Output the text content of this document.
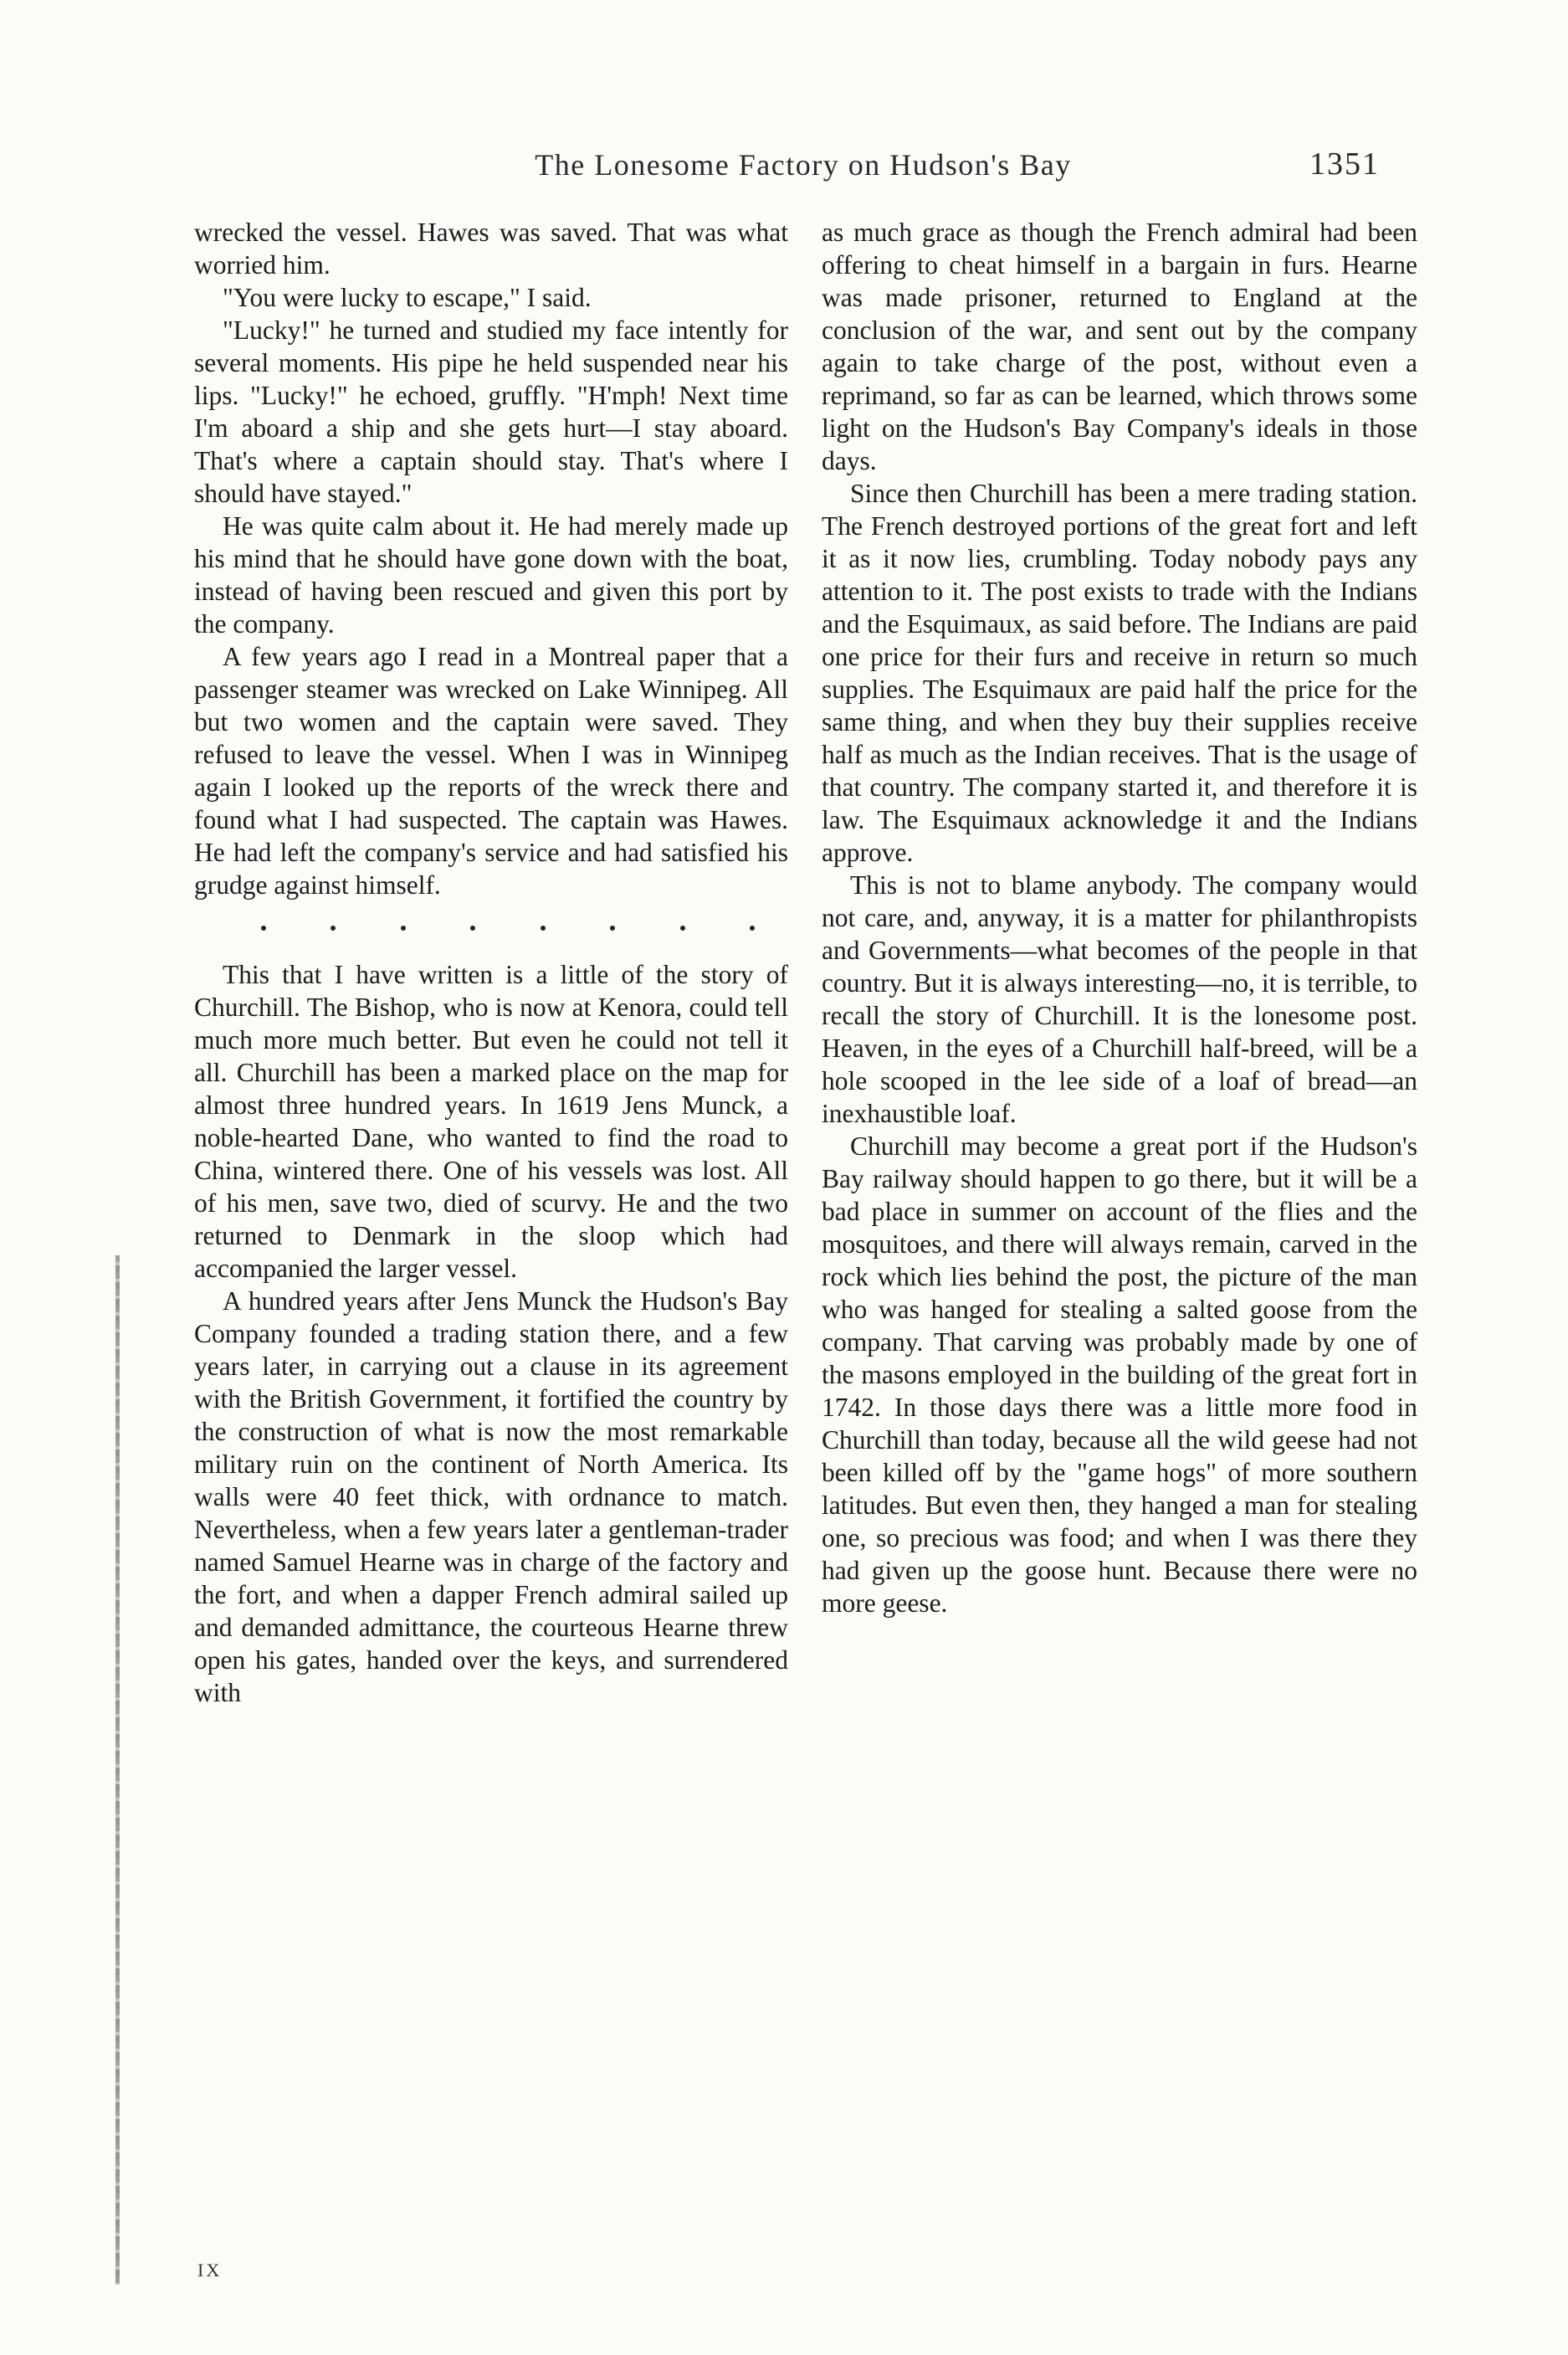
The Lonesome Factory on Hudson's Bay	1351

wrecked the vessel. Hawes was saved. That was what worried him.

"You were lucky to escape," I said.

"Lucky!" he turned and studied my face intently for several moments. His pipe he held suspended near his lips. "Lucky!" he echoed, gruffly. "H'mph! Next time I'm aboard a ship and she gets hurt—I stay aboard. That's where a captain should stay. That's where I should have stayed."

He was quite calm about it. He had merely made up his mind that he should have gone down with the boat, instead of having been rescued and given this port by the company.

A few years ago I read in a Montreal paper that a passenger steamer was wrecked on Lake Winnipeg. All but two women and the captain were saved. They refused to leave the vessel. When I was in Winnipeg again I looked up the reports of the wreck there and found what I had suspected. The captain was Hawes. He had left the company's service and had satisfied his grudge against himself.

This that I have written is a little of the story of Churchill. The Bishop, who is now at Kenora, could tell much more much better. But even he could not tell it all. Churchill has been a marked place on the map for almost three hundred years. In 1619 Jens Munck, a noble-hearted Dane, who wanted to find the road to China, wintered there. One of his vessels was lost. All of his men, save two, died of scurvy. He and the two returned to Denmark in the sloop which had accompanied the larger vessel.

A hundred years after Jens Munck the Hudson's Bay Company founded a trading station there, and a few years later, in carrying out a clause in its agreement with the British Government, it fortified the country by the construction of what is now the most remarkable military ruin on the continent of North America. Its walls were 40 feet thick, with ordnance to match. Nevertheless, when a few years later a gentleman-trader named Samuel Hearne was in charge of the factory and the fort, and when a dapper French admiral sailed up and demanded admittance, the courteous Hearne threw open his gates, handed over the keys, and surrendered with

as much grace as though the French admiral had been offering to cheat himself in a bargain in furs. Hearne was made prisoner, returned to England at the conclusion of the war, and sent out by the company again to take charge of the post, without even a reprimand, so far as can be learned, which throws some light on the Hudson's Bay Company's ideals in those days.

Since then Churchill has been a mere trading station. The French destroyed portions of the great fort and left it as it now lies, crumbling. Today nobody pays any attention to it. The post exists to trade with the Indians and the Esquimaux, as said before. The Indians are paid one price for their furs and receive in return so much supplies. The Esquimaux are paid half the price for the same thing, and when they buy their supplies receive half as much as the Indian receives. That is the usage of that country. The company started it, and therefore it is law. The Esquimaux acknowledge it and the Indians approve.

This is not to blame anybody. The company would not care, and, anyway, it is a matter for philanthropists and Governments—what becomes of the people in that country. But it is always interesting—no, it is terrible, to recall the story of Churchill. It is the lonesome post. Heaven, in the eyes of a Churchill half-breed, will be a hole scooped in the lee side of a loaf of bread—an inexhaustible loaf.

Churchill may become a great port if the Hudson's Bay railway should happen to go there, but it will be a bad place in summer on account of the flies and the mosquitoes, and there will always remain, carved in the rock which lies behind the post, the picture of the man who was hanged for stealing a salted goose from the company. That carving was probably made by one of the masons employed in the building of the great fort in 1742. In those days there was a little more food in Churchill than today, because all the wild geese had not been killed off by the "game hogs" of more southern latitudes. But even then, they hanged a man for stealing one, so precious was food; and when I was there they had given up the goose hunt. Because there were no more geese.

IX
